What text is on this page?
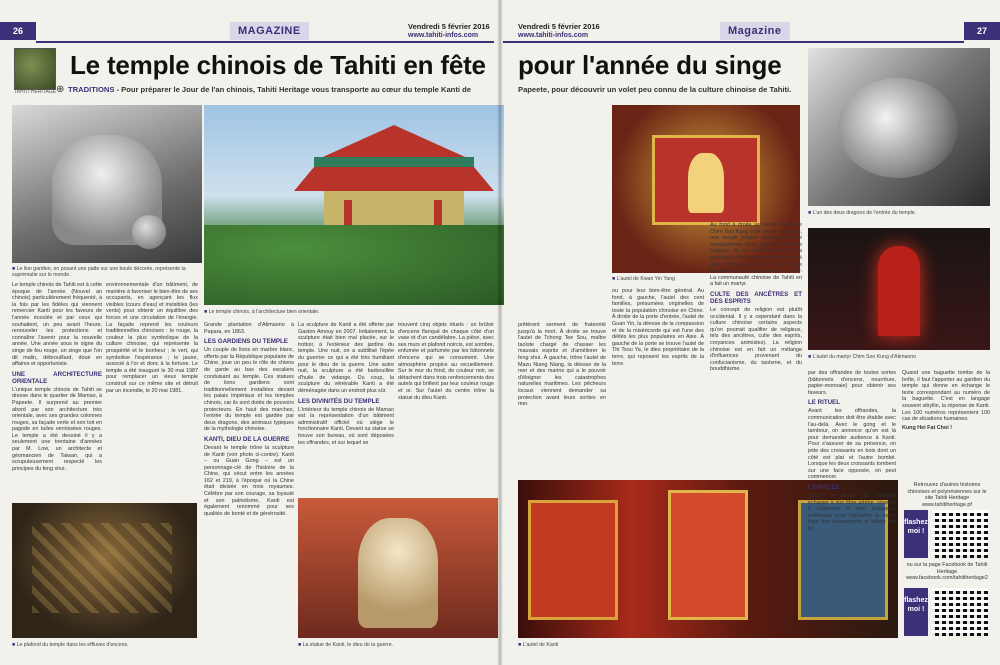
26	MAGAZINE	Vendredi 5 février 2016
www.tahiti-infos.com
Vendredi 5 février 2016
www.tahiti-infos.com	Magazine	27
TAHITI HERITAGE ⊕
Le temple chinois de Tahiti en fête pour l'année du singe
TRADITIONS - Pour préparer le Jour de l'an chinois, Tahiti Heritage vous transporte au cœur du temple Kanti de	Papeete, pour découvrir un volet peu connu de la culture chinoise de Tahiti.
■ Le lion gardien, en posant une patte sur une boule décorée, représente la suprématie sur le monde.
■ Le temple chinois, à l'architecture bien orientale.
■ Le plafond du temple dans les effluves d'encens.
■	La statue de Kanti, le dieu de la guerre.

Le temple chinois de Tahiti est à cette époque de l'année (Nouvel an chinois) particulièrement fréquenté, à la fois par les fidèles qui viennent remercier Kanti pour les faveurs de l'année écoulée et par ceux qui souhaitent, un peu avant l'heure, renouveler les protections et connaître l'avenir pour la nouvelle année. Une année sous le signe du singe de feu rouge, un singe que l'on dit malin, débrouillard, doué en affaires et opportuniste.

UNE ARCHITECTURE ORIENTALE

L'unique temple chinois de Tahiti se dresse dans le quartier de Mamao, à Papeete. Il surprend au premier abord par son architecture très orientale, avec ses grandes colonnes rouges, sa façade verte et son toit en pagode en tuiles vernissées rouges. Le temple a été dessiné il y a seulement une trentaine d'années par M. Low, un architecte et géomancien de Taiwan, qui a scrupuleusement respecté les principes du feng shui.

environnementale d'un bâtiment, de manière à favoriser le bien-être de ses occupants, en agençant les flux visibles (cours d'eau) et invisibles (les vents) pour obtenir un équilibre des forces et une circulation de l'énergie. La façade reprend les couleurs traditionnelles chinoises : le rouge, la couleur la plus symbolique de la culture chinoise, qui représente la prospérité et le bonheur ; le vert, qui symbolise l'espérance ; le jaune, associé à l'or et donc à la fortune. Le temple a été inauguré le 30 mai 1987 pour remplacer un vieux temple construit sur ce même site et détruit par un incendie, le 20 mai 1981.

Grande plantation d'Atimaono à Papara, en 1863.

LES GARDIENS DU TEMPLE

Un couple de lions en marbre blanc, offerts par la République populaire de Chine, joue un peu le rôle de chiens de garde au bas des escaliers conduisant au temple. Ces statues de lions gardiens sont traditionnellement installées devant les palais impériaux et les temples chinois, car ils sont dotés de pouvoirs protecteurs. En haut des marches, l'entrée du temple est gardée par deux dragons, des animaux typiques de la mythologie chinoise.

KANTI, DIEU DE LA GUERRE

Devant le temple trône la sculpture de Kanti (voir photo ci-contre). Kanti – ou Guan Gong – est un personnage-clé de l'histoire de la Chine, qui vécut entre les années 162 et 219, à l'époque où la Chine était divisée en trois royaumes. Célèbre par son courage, sa loyauté et son patriotisme, Kanti est également renommé pour ses qualités de bonté et de générosité.

La sculpture de Kanti a été offerte par Gaston Amouy en 2007. Initialement, la sculpture était bien mal placée, sur le trottoir, à l'extérieur des jardins du temple. Une nuit, on a subtilisé l'épée du guerrier ce qui a été très humiliant pour le dieu de la guerre. Une autre nuit, la sculpture a été barbouillée d'huile de vidange. Du coup, la sculpture du vénérable Kanti a été déménagée dans un endroit plus sûr.

LES DIVINITÉS DU TEMPLE

L'intérieur du temple chinois de Mamao est la représentation d'un bâtiment administratif officiel où siège le fonctionnaire Kanti. Devant sa statue se trouve son bureau, où sont déposées les offrandes, et sur lequel se

trouvent cinq objets rituels : un brûloir d'encens flanqué de chaque côté d'un vase et d'un candélabre. La pièce, avec ses murs et plafond noircis, est sombre, enfumée et parfumée par les bâtonnets d'encens qui se consument. Une atmosphère propice au recueillement. Sur le mur du fond, de couleur noir, se détachent dans trois renfoncements des autels qui brillent par leur couleur rouge et or. Sur l'autel du centre trône la statue du dieu Kanti.

■ L'autel de Kwan Yin Yang
■ L'un des deux dragons de l'entrée du temple.
■ L'autel du martyr Chim Soo Kung d'Atimaono
■ L'autel de Kanti

prêtèrent serment de fraternité jusqu'à la mort. À droite se trouve l'autel de Tchong Tee Sou, maître taoïste chargé de chasser les mauvais esprits et d'améliorer le feng shui. À gauche, trône l'autel de Mazu Niang Niang, la déesse de la mer et des marins qui a le pouvoir d'éloigner les catastrophes naturelles maritimes. Les pêcheurs locaux viennent demander sa protection avant leurs sorties en mer.

ou pour leur bien-être général. Au fond, à gauche, l'autel des cent familles, présumées originelles de toute la population chinoise en Chine. À droite de la porte d'entrée, l'autel de Guan Yin, la déesse de la compassion et de la miséricorde qui est l'une des déités les plus populaires en Asie. À gauche de la porte se trouve l'autel de Thi Tsou Ya, le dieu propriétaire de la terre, qui reposent les esprits de la terre.

Au fond à droite se cache l'autel de Chim Soo Kung (voir photo ci-contre), une simple plaque noire gravée de sinogrammes pour rappeler l'histoire tragique de ce coolie chinois de la plantation d'Atimaono qui s'est sacrifié pour éviter une sanction collective de rapatriement et fut guillotiné en 1869. La communauté chinoise de Tahiti en a fait un martyr.

CULTE DES ANCÊTRES ET DES ESPRITS

Le concept de religion est plutôt occidental. Il y a cependant dans la culture chinoise certains aspects qu'on pourrait qualifier de religieux, tels des ancêtres, culte des esprits, croyances animistes). La religion chinoise est en fait un mélange d'influences provenant du confucianisme, du taoïsme, et du bouddhisme.

par des offrandes de toutes sortes (bâtonnets d'encens, nourriture, papier-monnaie) pour obtenir ses faveurs.

LE RITUEL

Avant les offrandes, la communication doit être établie avec l'au-delà. Avec le gong et le tambour, on annonce qu'on est là pour demander audience à Kanti. Pour s'assurer de sa présence, on jette des croissants en bois dont un côté est plat et l'autre bombé. Lorsque les deux croissants tombent sur une face opposée, on peut commencer.

L'ORACLE

Quand le destin de l'homme échappe à son libre arbitre, souvent il s'adresse à une puissance extérieure pour connaître le cours futur des événements et influer sur lui.

Quand une baguette tombe de la boîte, il faut l'apporter au gardien du temple qui donne en échange le texte correspondant au numéro de la baguette. C'est en langage souvent sibyllin, la réponse de Kanti. Les 100 numéros représentent 100 cas de situations humaines.

Kung Hei Fat Choi !

Retrouvez d'autres histoires chinoises et polynésiennes sur le site Tahiti Heritage www.tahitiheritage.pf
flashez moi !
ou sur la page Facebook de Tahiti Heritage www.facebook.com/tahitiheritage2
flashez moi !
